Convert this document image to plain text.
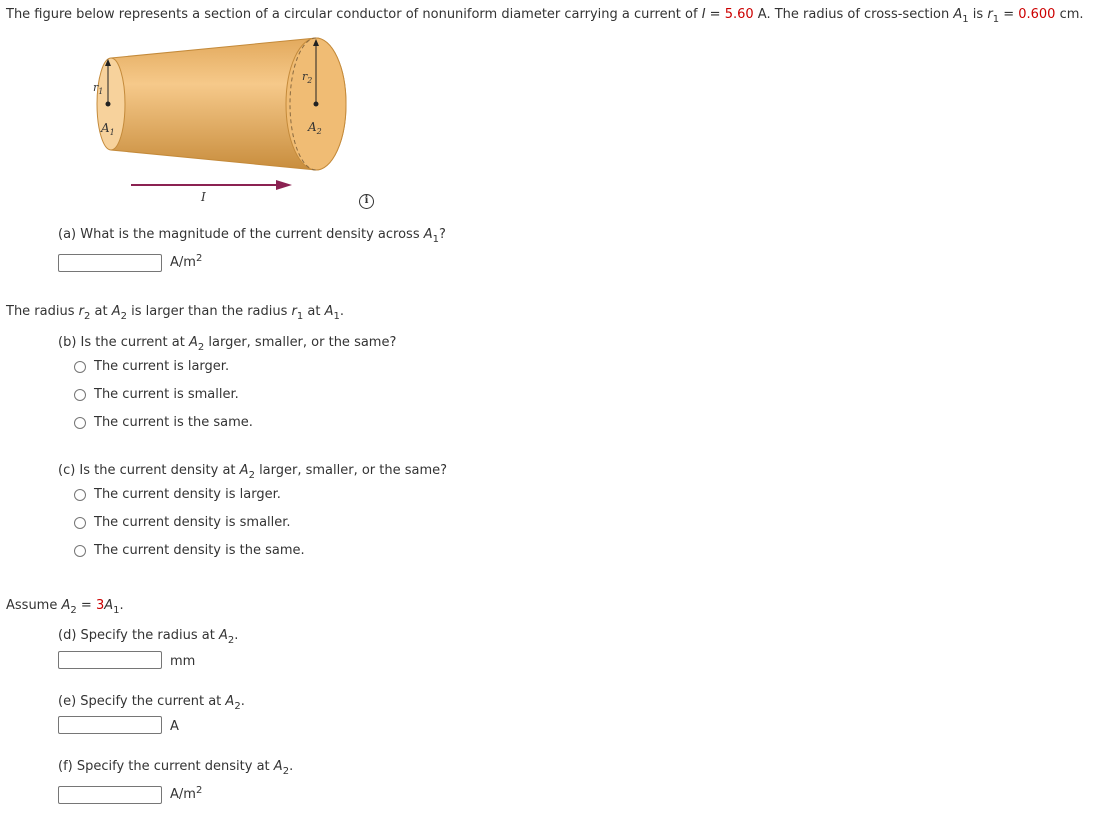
The figure below represents a section of a circular conductor of nonuniform diameter carrying a current of I = 5.60 A. The radius of cross-section $A_1$ is $r_1 = 0.600$ cm.
$r_1$
$r_2$
$A_1$	$A_2$
I	i
(a) What is the magnitude of the current density across $A_1$?
$A/m^2$
The radius $r_2$ at $A_2$ is larger than the radius $r_1$ at $A_1$.
(b) Is the current at $A_2$ larger, smaller, or the same?
The current is larger.
The current is smaller.
The current is the same.
(c) Is the current density at $A_2$ larger, smaller, or the same?
The current density is larger.
The current density is smaller.
The current density is the same.
Assume $A_2 = 3A_1$.
(d) Specify the radius at $A_2$.
mm
(e) Specify the current at $A_2$.
A
(f) Specify the current density at $A_2$.
$A/m^2$
